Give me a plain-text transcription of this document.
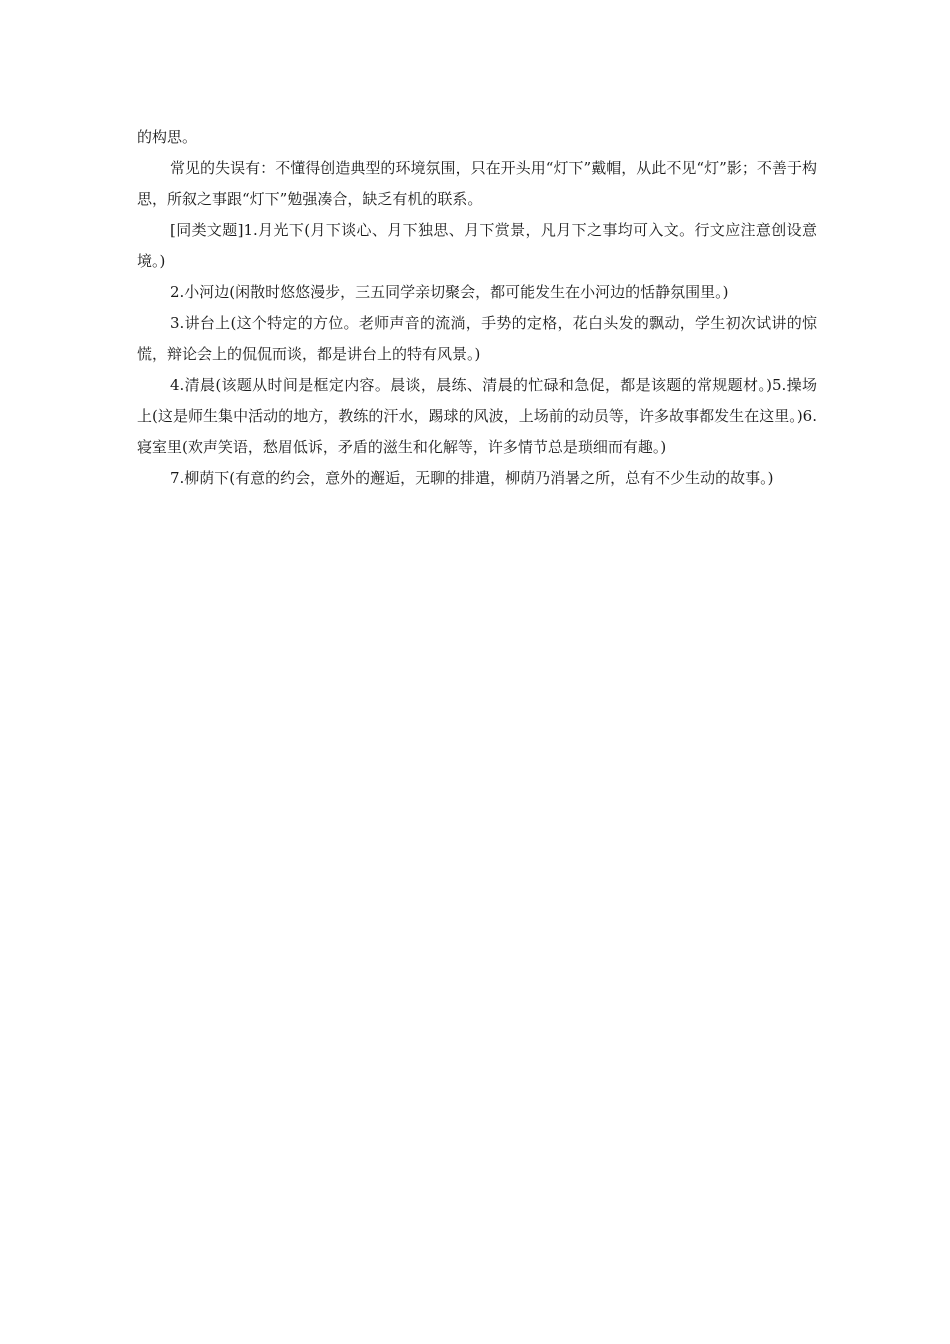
的构思。

常见的失误有：不懂得创造典型的环境氛围，只在开头用“灯下”戴帽，从此不见“灯”影；不善于构思，所叙之事跟“灯下”勉强凑合，缺乏有机的联系。

[同类文题]1.月光下(月下谈心、月下独思、月下赏景，凡月下之事均可入文。行文应注意创设意境。)

2.小河边(闲散时悠悠漫步，三五同学亲切聚会，都可能发生在小河边的恬静氛围里。)

3.讲台上(这个特定的方位。老师声音的流淌，手势的定格，花白头发的飘动，学生初次试讲的惊慌，辩论会上的侃侃而谈，都是讲台上的特有风景。)

4.清晨(该题从时间是框定内容。晨谈，晨练、清晨的忙碌和急促，都是该题的常规题材。)5.操场上(这是师生集中活动的地方，教练的汗水，踢球的风波，上场前的动员等，许多故事都发生在这里。)6.寝室里(欢声笑语，愁眉低诉，矛盾的滋生和化解等，许多情节总是琐细而有趣。)

7.柳荫下(有意的约会，意外的邂逅，无聊的排遣，柳荫乃消暑之所，总有不少生动的故事。)
